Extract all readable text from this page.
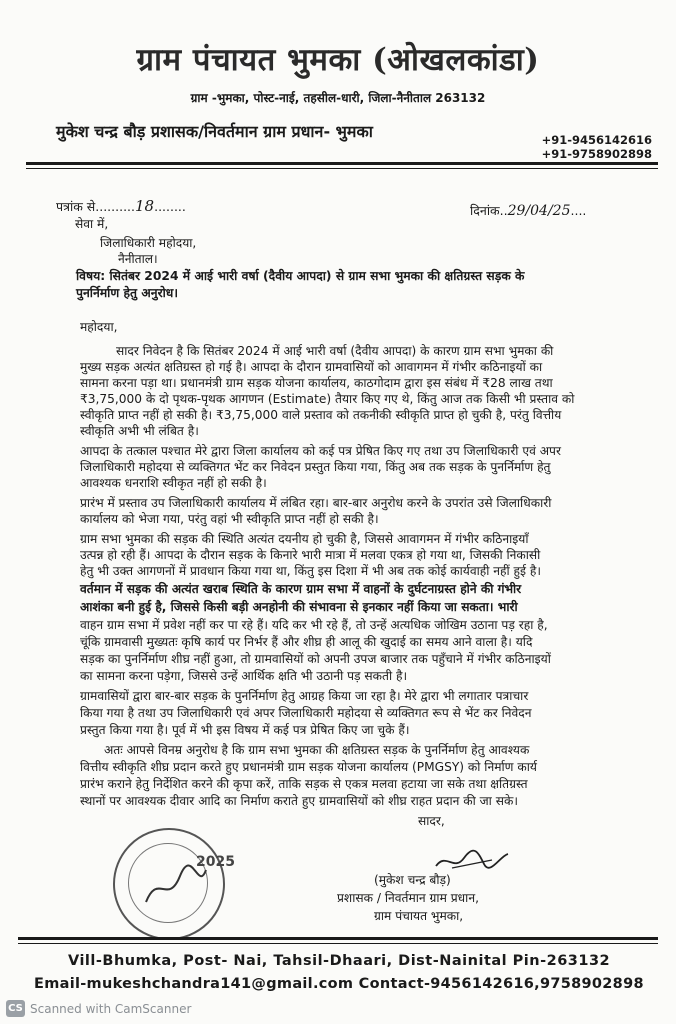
ग्राम पंचायत भुमका (ओखलकांडा)
ग्राम -भुमका, पोस्ट-नाई, तहसील-धारी, जिला-नैनीताल 263132
मुकेश चन्द्र बौड़ प्रशासक/निवर्तमान ग्राम प्रधान- भुमका	+91-9456142616
+91-9758902898
पत्रांक से..........18........	दिनांक..29/04/25....
सेवा में,
जिलाधिकारी महोदया,
नैनीताल।
विषय: सितंबर 2024 में आई भारी वर्षा (दैवीय आपदा) से ग्राम सभा भुमका की क्षतिग्रस्त सड़क के
पुनर्निर्माण हेतु अनुरोध।
महोदया,
सादर निवेदन है कि सितंबर 2024 में आई भारी वर्षा (दैवीय आपदा) के कारण ग्राम सभा भुमका की
मुख्य सड़क अत्यंत क्षतिग्रस्त हो गई है। आपदा के दौरान ग्रामवासियों को आवागमन में गंभीर कठिनाइयों का
सामना करना पड़ा था। प्रधानमंत्री ग्राम सड़क योजना कार्यालय, काठगोदाम द्वारा इस संबंध में ₹28 लाख तथा
₹3,75,000 के दो पृथक-पृथक आगणन (Estimate) तैयार किए गए थे, किंतु आज तक किसी भी प्रस्ताव को
स्वीकृति प्राप्त नहीं हो सकी है। ₹3,75,000 वाले प्रस्ताव को तकनीकी स्वीकृति प्राप्त हो चुकी है, परंतु वित्तीय
स्वीकृति अभी भी लंबित है।
आपदा के तत्काल पश्चात मेरे द्वारा जिला कार्यालय को कई पत्र प्रेषित किए गए तथा उप जिलाधिकारी एवं अपर
जिलाधिकारी महोदया से व्यक्तिगत भेंट कर निवेदन प्रस्तुत किया गया, किंतु अब तक सड़क के पुनर्निर्माण हेतु
आवश्यक धनराशि स्वीकृत नहीं हो सकी है।
प्रारंभ में प्रस्ताव उप जिलाधिकारी कार्यालय में लंबित रहा। बार-बार अनुरोध करने के उपरांत उसे जिलाधिकारी
कार्यालय को भेजा गया, परंतु वहां भी स्वीकृति प्राप्त नहीं हो सकी है।
ग्राम सभा भुमका की सड़क की स्थिति अत्यंत दयनीय हो चुकी है, जिससे आवागमन में गंभीर कठिनाइयाँ
उत्पन्न हो रही हैं। आपदा के दौरान सड़क के किनारे भारी मात्रा में मलवा एकत्र हो गया था, जिसकी निकासी
हेतु भी उक्त आगणनों में प्रावधान किया गया था, किंतु इस दिशा में भी अब तक कोई कार्यवाही नहीं हुई है।
वर्तमान में सड़क की अत्यंत खराब स्थिति के कारण ग्राम सभा में वाहनों के दुर्घटनाग्रस्त होने की गंभीर
आशंका बनी हुई है, जिससे किसी बड़ी अनहोनी की संभावना से इनकार नहीं किया जा सकता। भारी
वाहन ग्राम सभा में प्रवेश नहीं कर पा रहे हैं। यदि कर भी रहे हैं, तो उन्हें अत्यधिक जोखिम उठाना पड़ रहा है,
चूंकि ग्रामवासी मुख्यतः कृषि कार्य पर निर्भर हैं और शीघ्र ही आलू की खुदाई का समय आने वाला है। यदि
सड़क का पुनर्निर्माण शीघ्र नहीं हुआ, तो ग्रामवासियों को अपनी उपज बाजार तक पहुँचाने में गंभीर कठिनाइयों
का सामना करना पड़ेगा, जिससे उन्हें आर्थिक क्षति भी उठानी पड़ सकती है।
ग्रामवासियों द्वारा बार-बार सड़क के पुनर्निर्माण हेतु आग्रह किया जा रहा है। मेरे द्वारा भी लगातार पत्राचार
किया गया है तथा उप जिलाधिकारी एवं अपर जिलाधिकारी महोदया से व्यक्तिगत रूप से भेंट कर निवेदन
प्रस्तुत किया गया है। पूर्व में भी इस विषय में कई पत्र प्रेषित किए जा चुके हैं।
अतः आपसे विनम्र अनुरोध है कि ग्राम सभा भुमका की क्षतिग्रस्त सड़क के पुनर्निर्माण हेतु आवश्यक
वित्तीय स्वीकृति शीघ्र प्रदान करते हुए प्रधानमंत्री ग्राम सड़क योजना कार्यालय (PMGSY) को निर्माण कार्य
प्रारंभ कराने हेतु निर्देशित करने की कृपा करें, ताकि सड़क से एकत्र मलवा हटाया जा सके तथा क्षतिग्रस्त
स्थानों पर आवश्यक दीवार आदि का निर्माण कराते हुए ग्रामवासियों को शीघ्र राहत प्रदान की जा सके।
सादर,
(मुकेश चन्द्र बौड़)
प्रशासक / निवर्तमान ग्राम प्रधान,
ग्राम पंचायत भुमका,
2025
Vill-Bhumka, Post- Nai, Tahsil-Dhaari, Dist-Nainital Pin-263132
Email-mukeshchandra141@gmail.com Contact-9456142616,9758902898
CS Scanned with CamScanner
